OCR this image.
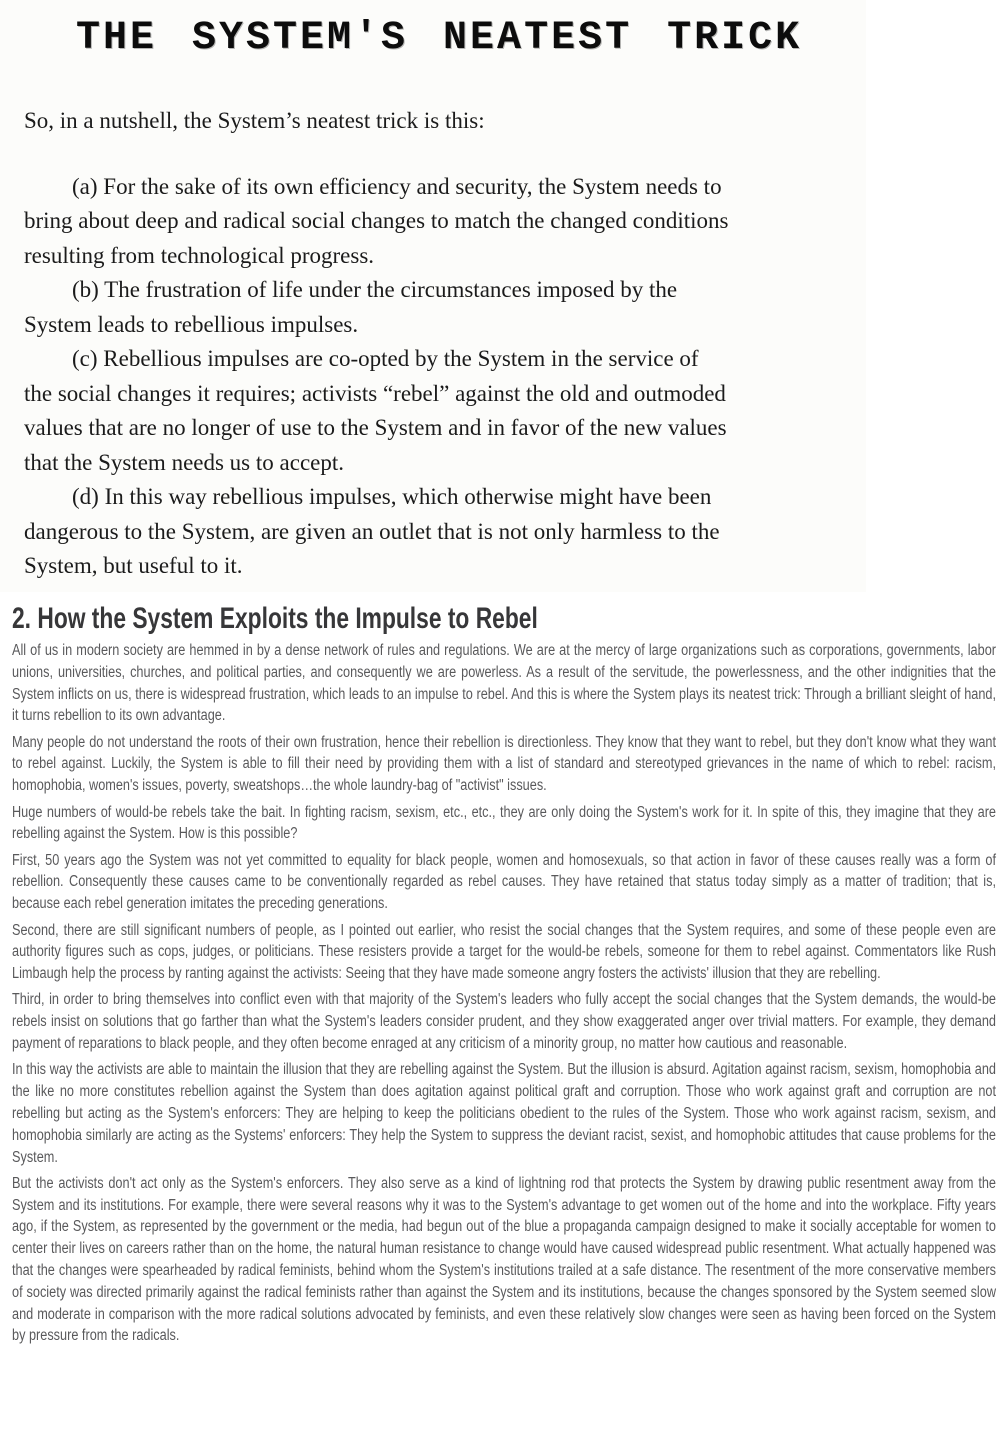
THE SYSTEM'S NEATEST TRICK
So, in a nutshell, the System’s neatest trick is this:
(a) For the sake of its own efficiency and security, the System needs to
bring about deep and radical social changes to match the changed conditions
resulting from technological progress.
(b) The frustration of life under the circumstances imposed by the
System leads to rebellious impulses.
(c) Rebellious impulses are co-opted by the System in the service of
the social changes it requires; activists “rebel” against the old and outmoded
values that are no longer of use to the System and in favor of the new values
that the System needs us to accept.
(d) In this way rebellious impulses, which otherwise might have been
dangerous to the System, are given an outlet that is not only harmless to the
System, but useful to it.
2. How the System Exploits the Impulse to Rebel

All of us in modern society are hemmed in by a dense network of rules and regulations. We are at the mercy of large organizations such as corporations, governments, labor unions, universities, churches, and political parties, and consequently we are powerless. As a result of the servitude, the powerlessness, and the other indignities that the System inflicts on us, there is widespread frustration, which leads to an impulse to rebel. And this is where the System plays its neatest trick: Through a brilliant sleight of hand, it turns rebellion to its own advantage.

Many people do not understand the roots of their own frustration, hence their rebellion is directionless. They know that they want to rebel, but they don't know what they want to rebel against. Luckily, the System is able to fill their need by providing them with a list of standard and stereotyped grievances in the name of which to rebel: racism, homophobia, women's issues, poverty, sweatshops…the whole laundry-bag of "activist" issues.

Huge numbers of would-be rebels take the bait. In fighting racism, sexism, etc., etc., they are only doing the System's work for it. In spite of this, they imagine that they are rebelling against the System. How is this possible?

First, 50 years ago the System was not yet committed to equality for black people, women and homosexuals, so that action in favor of these causes really was a form of rebellion. Consequently these causes came to be conventionally regarded as rebel causes. They have retained that status today simply as a matter of tradition; that is, because each rebel generation imitates the preceding generations.

Second, there are still significant numbers of people, as I pointed out earlier, who resist the social changes that the System requires, and some of these people even are authority figures such as cops, judges, or politicians. These resisters provide a target for the would-be rebels, someone for them to rebel against. Commentators like Rush Limbaugh help the process by ranting against the activists: Seeing that they have made someone angry fosters the activists' illusion that they are rebelling.

Third, in order to bring themselves into conflict even with that majority of the System's leaders who fully accept the social changes that the System demands, the would-be rebels insist on solutions that go farther than what the System's leaders consider prudent, and they show exaggerated anger over trivial matters. For example, they demand payment of reparations to black people, and they often become enraged at any criticism of a minority group, no matter how cautious and reasonable.

In this way the activists are able to maintain the illusion that they are rebelling against the System. But the illusion is absurd. Agitation against racism, sexism, homophobia and the like no more constitutes rebellion against the System than does agitation against political graft and corruption. Those who work against graft and corruption are not rebelling but acting as the System's enforcers: They are helping to keep the politicians obedient to the rules of the System. Those who work against racism, sexism, and homophobia similarly are acting as the Systems' enforcers: They help the System to suppress the deviant racist, sexist, and homophobic attitudes that cause problems for the System.

But the activists don't act only as the System's enforcers. They also serve as a kind of lightning rod that protects the System by drawing public resentment away from the System and its institutions. For example, there were several reasons why it was to the System's advantage to get women out of the home and into the workplace. Fifty years ago, if the System, as represented by the government or the media, had begun out of the blue a propaganda campaign designed to make it socially acceptable for women to center their lives on careers rather than on the home, the natural human resistance to change would have caused widespread public resentment. What actually happened was that the changes were spearheaded by radical feminists, behind whom the System's institutions trailed at a safe distance. The resentment of the more conservative members of society was directed primarily against the radical feminists rather than against the System and its institutions, because the changes sponsored by the System seemed slow and moderate in comparison with the more radical solutions advocated by feminists, and even these relatively slow changes were seen as having been forced on the System by pressure from the radicals.
